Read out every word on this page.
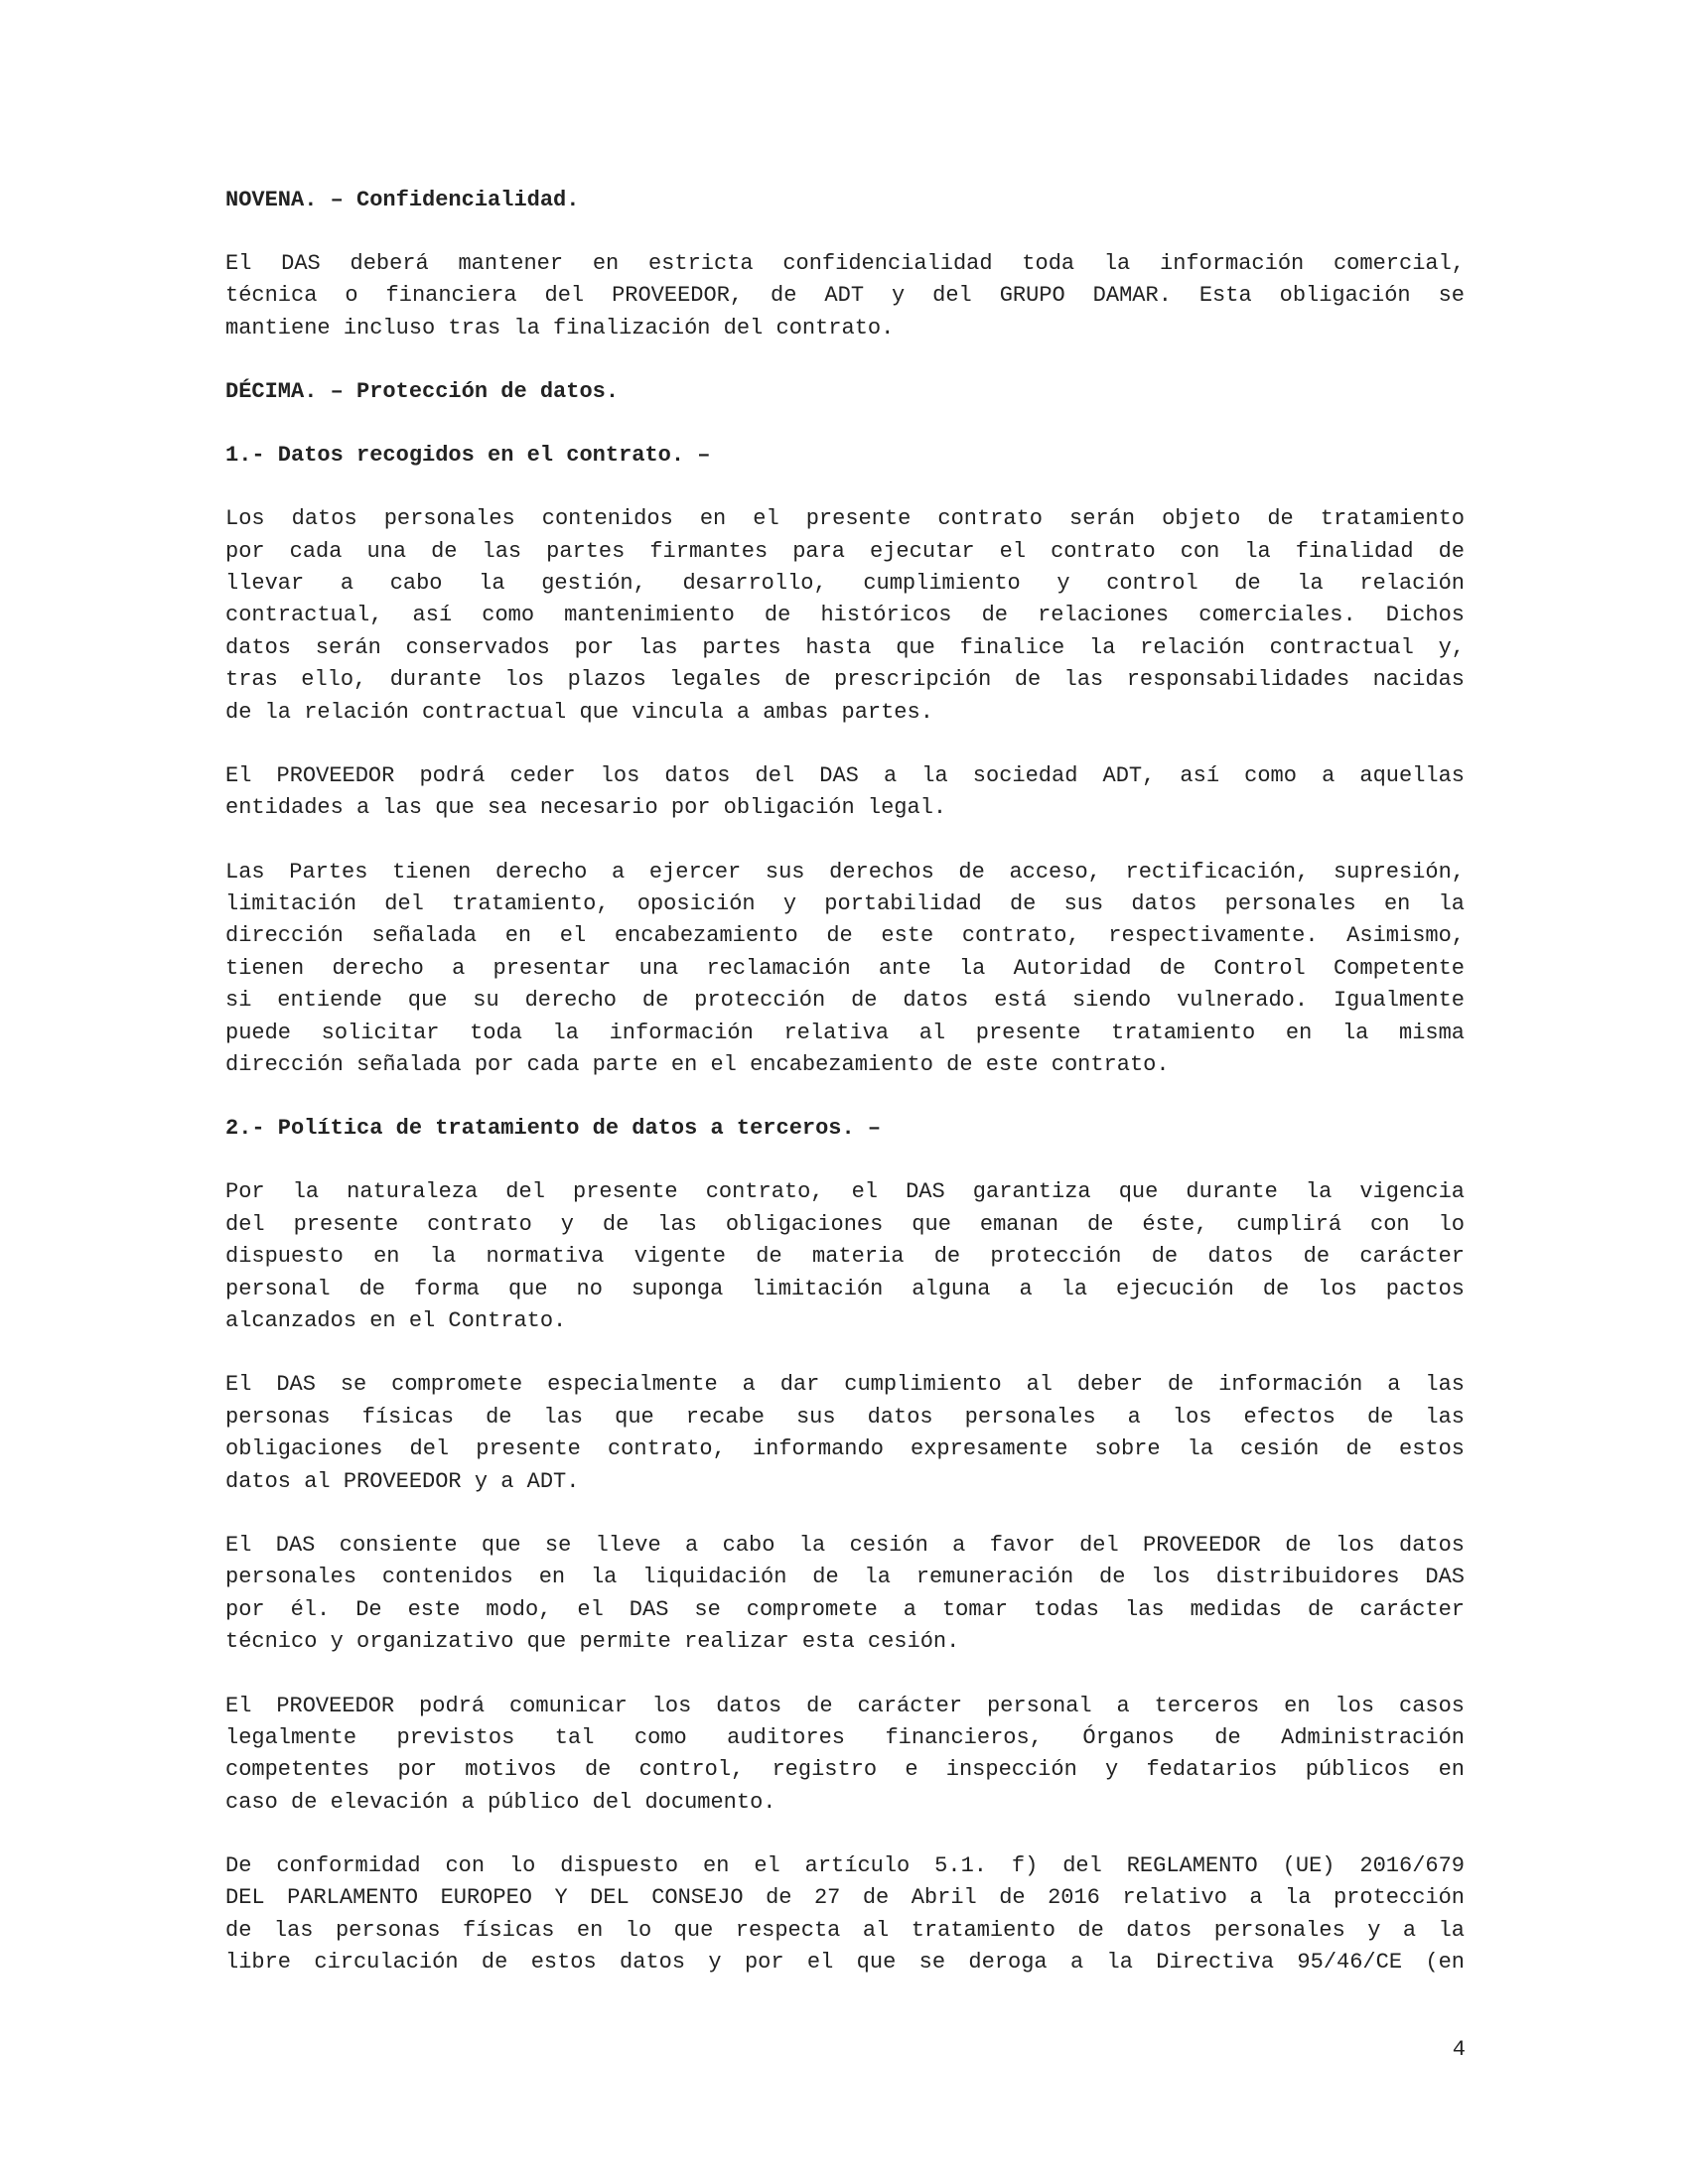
NOVENA. – Confidencialidad.
El DAS deberá mantener en estricta confidencialidad toda la información comercial,
técnica o financiera del PROVEEDOR, de ADT y del GRUPO DAMAR. Esta obligación se
mantiene incluso tras la finalización del contrato.
DÉCIMA. – Protección de datos.
1.- Datos recogidos en el contrato. –
Los datos personales contenidos en el presente contrato serán objeto de tratamiento
por cada una de las partes firmantes para ejecutar el contrato con la finalidad de
llevar a cabo la gestión, desarrollo, cumplimiento y control de la relación
contractual, así como mantenimiento de históricos de relaciones comerciales. Dichos
datos serán conservados por las partes hasta que finalice la relación contractual y,
tras ello, durante los plazos legales de prescripción de las responsabilidades nacidas
de la relación contractual que vincula a ambas partes.
El PROVEEDOR podrá ceder los datos del DAS a la sociedad ADT, así como a aquellas
entidades a las que sea necesario por obligación legal.
Las Partes tienen derecho a ejercer sus derechos de acceso, rectificación, supresión,
limitación del tratamiento, oposición y portabilidad de sus datos personales en la
dirección señalada en el encabezamiento de este contrato, respectivamente. Asimismo,
tienen derecho a presentar una reclamación ante la Autoridad de Control Competente
si entiende que su derecho de protección de datos está siendo vulnerado. Igualmente
puede solicitar toda la información relativa al presente tratamiento en la misma
dirección señalada por cada parte en el encabezamiento de este contrato.
2.- Política de tratamiento de datos a terceros. –
Por la naturaleza del presente contrato, el DAS garantiza que durante la vigencia
del presente contrato y de las obligaciones que emanan de éste, cumplirá con lo
dispuesto en la normativa vigente de materia de protección de datos de carácter
personal de forma que no suponga limitación alguna a la ejecución de los pactos
alcanzados en el Contrato.
El DAS se compromete especialmente a dar cumplimiento al deber de información a las
personas físicas de las que recabe sus datos personales a los efectos de las
obligaciones del presente contrato, informando expresamente sobre la cesión de estos
datos al PROVEEDOR y a ADT.
El DAS consiente que se lleve a cabo la cesión a favor del PROVEEDOR de los datos
personales contenidos en la liquidación de la remuneración de los distribuidores DAS
por él. De este modo, el DAS se compromete a tomar todas las medidas de carácter
técnico y organizativo que permite realizar esta cesión.
El PROVEEDOR podrá comunicar los datos de carácter personal a terceros en los casos
legalmente previstos tal como auditores financieros, Órganos de Administración
competentes por motivos de control, registro e inspección y fedatarios públicos en
caso de elevación a público del documento.
De conformidad con lo dispuesto en el artículo 5.1. f) del REGLAMENTO (UE) 2016/679
DEL PARLAMENTO EUROPEO Y DEL CONSEJO de 27 de Abril de 2016 relativo a la protección
de las personas físicas en lo que respecta al tratamiento de datos personales y a la
libre circulación de estos datos y por el que se deroga a la Directiva 95/46/CE (en
4
